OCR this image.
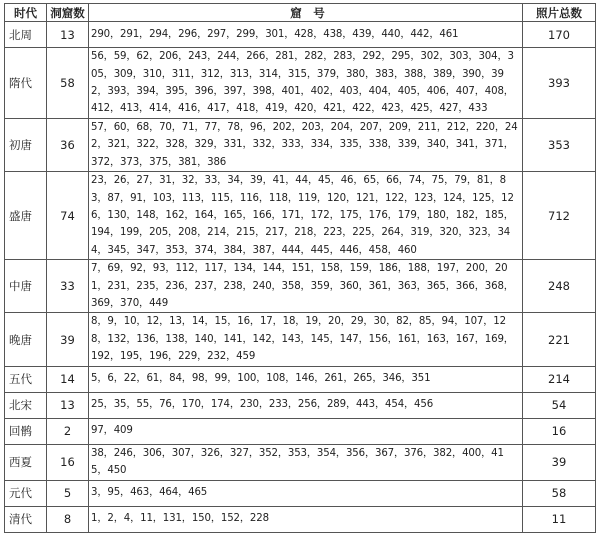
时代	洞窟数	窟　号	照片总数
北周	13	290，291，294，296，297，299，301，428，438，439，440，442，461	170
隋代	58	56，59，62，206，243，244，266，281，282，283，292，295，302，303，304，305，309，310，311，312，313，314，315，379，380，383，388，389，390，392，393，394，395，396，397，398，401，402，403，404，405，406，407，408，412，413，414，416，417，418，419，420，421，422，423，425，427，433	393
初唐	36	57，60，68，70，71，77，78，96，202，203，204，207，209，211，212，220，242，321，322，328，329，331，332，333，334，335，338，339，340，341，371，372，373，375，381，386	353
盛唐	74	23，26，27，31，32，33，34，39，41，44，45，46，65，66，74，75，79，81，83，87，91，103，113，115，116，118，119，120，121，122，123，124，125，126，130，148，162，164，165，166，171，172，175，176，179，180，182，185，194，199，205，208，214，215，217，218，223，225，264，319，320，323，344，345，347，353，374，384，387，444，445，446，458，460	712
中唐	33	7，69，92，93，112，117，134，144，151，158，159，186，188，197，200，201，231，235，236，237，238，240，358，359，360，361，363，365，366，368，369，370，449	248
晚唐	39	8，9，10，12，13，14，15，16，17，18，19，20，29，30，82，85，94，107，128，132，136，138，140，141，142，143，145，147，156，161，163，167，169，192，195，196，229，232，459	221
五代	14	5，6，22，61，84，98，99，100，108，146，261，265，346，351	214
北宋	13	25，35，55，76，170，174，230，233，256，289，443，454，456	54
回鹘	2	97，409	16
西夏	16	38，246，306，307，326，327，352，353，354，356，367，376，382，400，415，450	39
元代	5	3，95，463，464，465	58
清代	8	1，2，4，11，131，150，152，228	11
